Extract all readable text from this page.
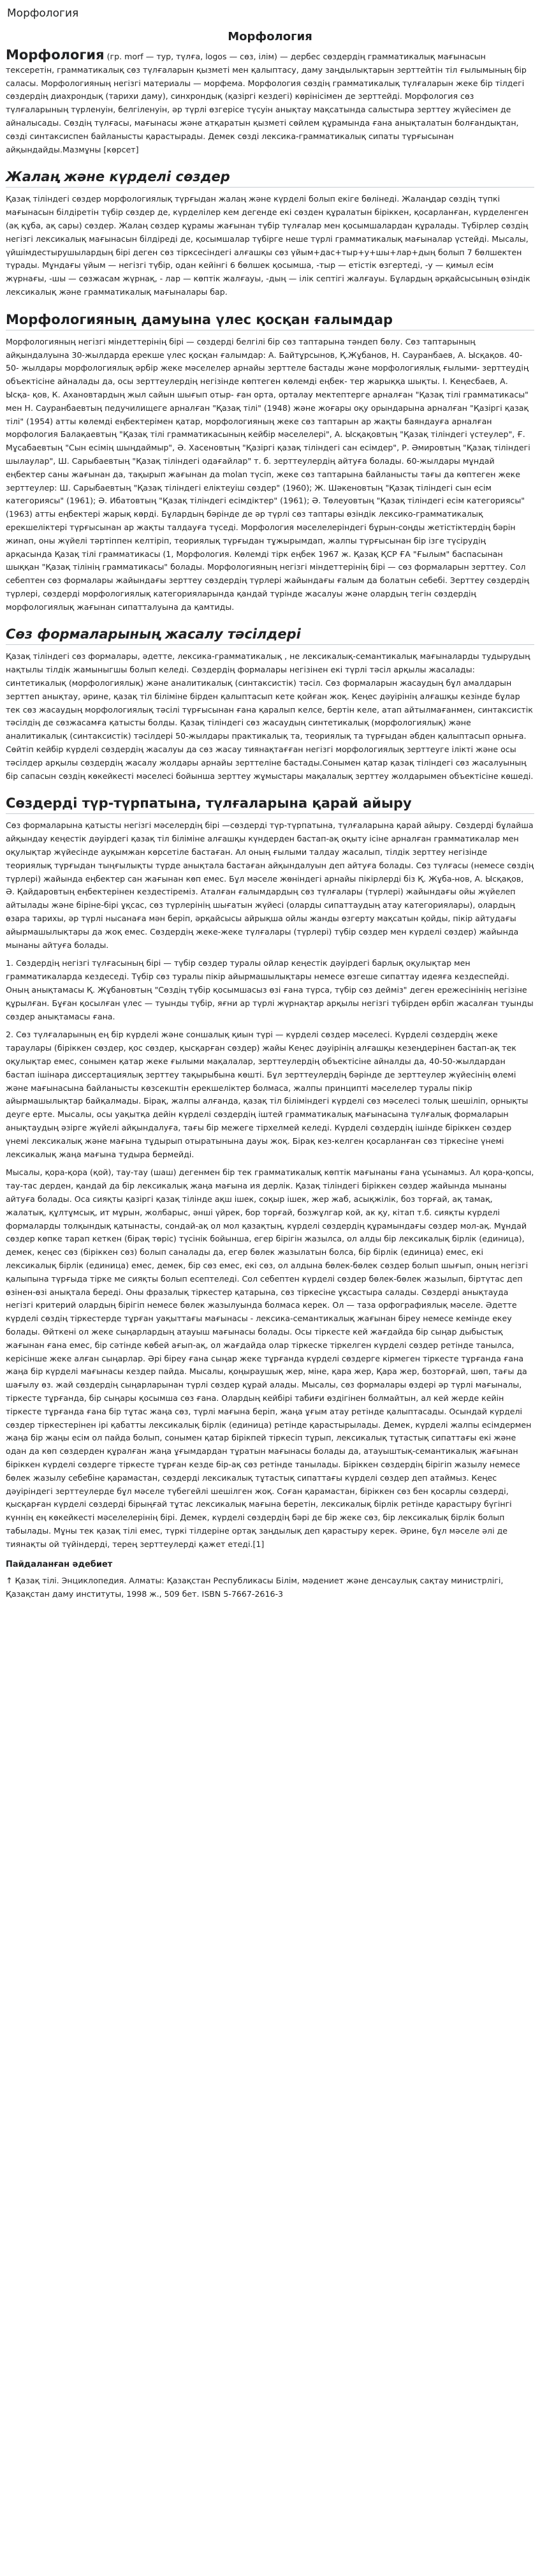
Морфология
Морфология

Морфология (гр. morf — тур, түлға, logos — сөз, ілім) — дербес сөздердің грамматикалық мағынасын тексеретін, грамматикалық сөз түлғаларын қызметі мен қалыптасу, даму заңдылықтарын зерттейтін тіл ғылымының бір саласы. Морфологияның негізгі материалы — морфема. Морфология сөздің грамматикалық түлғаларын жеке бір тілдегі сөздердің диахрондық (тарихи даму), синхрондық (қазіргі кездегі) көрінісімен де зерттейді. Морфология сөз түлғаларының түрленуін, белгіленуін, әр түрлі өзгерісе түсуін анықтау мақсатында салыстыра зерттеу жүйесімен де айналысады. Сөздің түлғасы, мағынасы және атқаратын қызметі сөйлем құрамында ғана анықталатын болғандықтан, сөзді синтаксиспен байланысты қарастырады. Демек сөзді лексика-грамматикалық сипаты түрғысынан айқындайды.Мазмұны [көрсет]

Жалаң және күрделі сөздер

Қазақ тіліндегі сөздер морфологиялық түрғыдан жалаң және күрделі болып екіге бөлінеді. Жалаңдар сөздің түпкі мағынасын білдіретін түбір сөздер де, күрделілер кем дегенде екі сөзден құралатын біріккен, қосарланған, күрделенген (ақ құба, ақ сары) сөздер. Жалаң сөздер құрамы жағынан түбір түлғалар мен қосымшалардан құралады. Түбірлер сөздің негізгі лексикалық мағынасын білдіреді де, қосымшалар түбірге неше түрлі грамматикалық мағыналар үстейді. Мысалы, үйшімдестырушылардың бірі деген сөз тірксесіндегі алғашқы сөз үйым+дас+тыр+у+шы+лар+дың болып 7 бөлшектен түрады. Мұндағы үйым — негізгі түбір, одан кейінгі 6 бөлшек қосымша, -тыр — етістік өзгертеді, -у — қимыл есім жүрнағы, -шы — сөзжасам жүрнақ, - лар — көптік жалғауы, -дың — ілік септігі жалғауы. Бұлардың әрқайсысының өзіндік лексикалық және грамматикалық мағыналары бар.

Морфологияның дамуына үлес қосқан ғалымдар

Морфологияның негізгі міндеттерінің бірі — сөздерді белгілі бір сөз таптарына тәндеп бөлу. Сөз таптарының айқындалуына 30-жылдарда ерекше үлес қосқан ғалымдар: А. Байтұрсынов, Қ.Жұбанов, Н. Сауранбаев, А. Ысқақов. 40-50- жылдары морфологиялық әрбір жеке мәселелер арнайы зерттеле бастады және морфологиялық ғылыми- зерттеудің объектісіне айналады да, осы зерттеулердің негізінде көптеген көлемді еңбек- тер жарыққа шықты. І. Кеңесбаев, А. Ысқа- қов, К. Ахановтардың жыл сайын шығып отыр- ған орта, орталау мектептерге арналған "Қазақ тілі грамматикасы" мен Н. Сауранбаевтың педучилищеге арналған "Қазақ тілі" (1948) және жоғары оқу орындарына арналған "Қазіргі қазақ тілі" (1954) атты көлемді еңбектерімен қатар, морфологияның жеке сөз таптарын ар жақты баяндауға арналған морфология Балақаевтың "Қазақ тілі грамматикасының кейбір мәселелері", А. Ысқақовтың "Қазақ тіліндегі үстеулер", Ғ. Мұсабаевтың "Сын есімің шыңдаймыр", Ә. Хасеновтың "Қазіргі қазақ тіліндегі сан есімдер", Р. Әмировтың "Қазақ тіліндегі шылаулар", Ш. Сарыбаевтың "Қазақ тіліндегі одағайлар" т. б. зерттеулердің айтуға болады. 60-жылдары мұндай еңбектер саны жағынан да, тақырып жағынан да molan түсіп, жеке сөз таптарына байланысты тағы да көптеген жеке зерттеулер: Ш. Сарыбаевтың "Қазақ тіліндегі еліктеуіш сөздер" (1960); Ж. Шәкеновтың "Қазақ тіліндегі сын есім категориясы" (1961); Ә. Ибатовтың "Қазақ тіліндегі есімдіктер" (1961); Ә. Төлеуовтың "Қазақ тіліндегі есім категориясы" (1963) атты еңбектері жарық көрді. Бұлардың бәрінде де әр түрлі сөз таптары өзіндік лексико-грамматикалық ерекшеліктері түрғысынан ар жақты талдауға түседі. Морфология мәселелеріндегі бұрын-соңды жетістіктердің бәрін жинап, оны жүйелі тәртіппен келтіріп, теориялық түрғыдан тұжырымдап, жалпы түрғысынан бір ізге түсірудің арқасында Қазақ тілі грамматикасы (1, Морфология. Көлемді тірк еңбек 1967 ж. Қазақ ҚСР ҒА "Ғылым" баспасынан шыққан "Қазақ тілінің грамматикасы" болады. Морфологияның негізгі міндеттерінің бірі — сөз формаларын зерттеу. Сол себептен сөз формалары жайындағы зерттеу сөздердің түрлері жайындағы ғалым да болатын себебі. Зерттеу сөздердің түрлері, сөздерді морфологиялық категорияларында қандай түрінде жасалуы және олардың тегін сөздердің морфологиялық жағынан сипатталуына да қамтиды.

Сөз формаларының жасалу тәсілдері

Қазақ тіліндегі сөз формалары, әдетте, лексика-грамматикалық , не лексикалық-семантикалық мағыналарды тудырудың нақтылы тілдік жамыныгшы болып келеді. Сөздердің формалары негізінен екі түрлі тәсіл арқылы жасалады: синтетикалық (морфологиялық) және аналитикалық (синтаксистік) тәсіл. Сөз формаларын жасаудың бұл амалдарын зерттеп анықтау, әрине, қазақ тіл біліміне бірден қалыптасып кете қойған жоқ. Кеңес дәуірінің алғашқы кезінде бұлар тек сөз жасаудың морфологиялық тәсілі түрғысынан ғана қаралып келсе, бертін келе, атап айтылмағанмен, синтаксистік тәсілдің де сөзжасамға қатысты болды. Қазақ тіліндегі сөз жасаудың синтетикалық (морфологиялық) және аналитикалық (синтаксистік) тәсілдері 50-жылдары практикалық та, теориялық та түрғыдан әбден қалыптасып орныға. Сөйтіп кейбір күрделі сөздердің жасалуы да сөз жасау тиянақтағған негізгі морфологиялық зерттеуге ілікті және осы тәсілдер арқылы сөздердің жасалу жолдары арнайы зерттеліне бастады.Сонымен қатар қазақ тіліндегі сөз жасалуының бір сапасын сөздің көкейкесті мәселесі бойынша зерттеу жұмыстары мақалалық зерттеу жолдарымен объектісіне көшеді.

Сөздерді түр-түрпатына, түлғаларына қарай айыру

Сөз формаларына қатысты негізгі мәселердің бірі —сөздерді түр-түрпатына, түлғаларына қарай айыру. Сөздерді бұлайша айқындау кеңестік дәуірдегі қазақ тіл біліміне алғашқы күндерден бастап-ақ оқыту ісіне арналған грамматикалар мен оқулықтар жүйесінде ауқымжан көрсетіле бастаған. Ал оның ғылыми талдау жасалып, тілдік зерттеу негізінде теориялық түрғыдан тыңғылықты түрде анықтала бастаған айқындалуын деп айтуға болады. Сөз түлғасы (немесе сөздің түрлері) жайында еңбектер сан жағынан көп емес. Бұл мәселе жөніндегі арнайы пікірлерді біз Қ. Жұба-нов, А. Ысқақов, Ә. Қайдаровтың еңбектерінен кездестіреміз. Аталған ғалымдардың сөз түлғалары (түрлері) жайындағы ойы жүйелеп айтылады және біріне-бірі ұқсас, сөз түрлерінің шығатын жүйесі (оларды сипаттаудың атау категориялары), олардың өзара тарихы, әр түрлі нысанаға мән беріп, әрқайсысы айрықша ойлы жанды өзгерту мақсатын қойды, пікір айтудағы айырмашылықтары да жоқ емес. Сөздердің жеке-жеке түлғалары (түрлері) түбір сөздер мен күрделі сөздер) жайында мынаны айтуға болады.

1. Сөздердің негізгі түлғасының бірі — түбір сөздер туралы ойлар кеңестік дәуірдегі барлық оқулықтар мен грамматикаларда кездеседі. Түбір сөз туралы пікір айырмашылықтары немесе өзгеше сипаттау идеяға кездеспейді. Оның анықтамасы Қ. Жұбановтың "Сөздің түбір қосымшасыз өзі ғана түрса, түбір сөз дейміз" деген ережесінінің негізіне құрылған. Бұған қосылған үлес — туынды түбір, яғни ар түрлі жүрнақтар арқылы негізгі түбірден өрбіп жасалған туынды сөздер анықтамасы ғана.
2. Сөз түлғаларының ең бір күрделі және соншалық қиын түрі — күрделі сөздер мәселесі. Күрделі сөздердің жеке тараулары (біріккен сөздер, қос сөздер, қысқарған сөздер) жайы Кеңес дәуірінің алғашқы кезеңдерінен бастап-ақ тек оқулықтар емес, сонымен қатар жеке ғылыми мақалалар, зерттеулердің объектісіне айналды да, 40-50-жылдардан бастап ішінара диссертациялық зерттеу тақырыбына көшті. Бұл зерттеулердің бәрінде де зерттеулер жүйесінің өлемі және мағынасына байланысты көзсекштін ерекшеліктер болмаса, жалпы принципті мәселелер туралы пікір айырмашылықтар байқалмады. Бірақ, жалпы алғанда, қазақ тіл біліміндегі күрделі сөз мәселесі толық шешіліп, орнықты деуге ерте. Мысалы, осы уақытқа дейін күрделі сөздердің іштей грамматикалық мағынасына түлғалық формаларын анықтаудың әзірге жүйелі айқындалуға, тағы бір межеге тірхелмей келеді. Күрделі сөздердің ішінде біріккен сөздер үнемі лексикалық және мағына тұдырып отыратынына дауы жоқ. Бірақ кез-келген қосарланған сөз тіркесіне үнемі лексикалық жаңа мағына тудыра бермейді.
Мысалы, қора-қора (қой), тау-тау (шаш) дегенмен бір тек грамматикалық көптік мағынаны ғана үсынамыз. Ал қора-қопсы, тау-тас дерден, қандай да бір лексикалық жаңа мағына ия дерлік. Қазақ тіліндегі біріккен сөздер жайында мынаны айтуға болады. Оса сияқты қазіргі қазақ тілінде ақш ішек, соқыр ішек, жер жаб, асықжілік, боз торғай, ақ тамақ, жалатық, құлтұмсық, ит мұрын, жолбарыс, әнші үйрек, бор торғай, бозжұлгар кой, ак қу, кітап т.б. сияқты күрделі формаларды толқындық қатынасты, сондай-ақ ол мол қазақтың, күрделі сөздердің құрамындағы сөздер мол-ақ. Мұндай сөздер көпке тарап кеткен (бірақ төріс) түсінік бойынша, егер бірігін жазылса, ол алды бір лексикалық бірлік (единица), демек, кеңес сөз (біріккен сөз) болып саналады да, егер бөлек жазылатын болса, бір бірлік (единица) емес, екі лексикалық бірлік (единица) емес, демек, бір сөз емес, екі сөз, ол алдына бөлек-бөлек сөздер болып шығып, оның негізгі қалыпына түрғыда тірке ме сияқты болып есептеледі. Сол себептен күрделі сөздер бөлек-бөлек жазылып, біртүтас деп өзінен-өзі анықтала береді. Оны фразалық тіркестер қатарына, сөз тіркесіне ұқсастыра салады. Сөздерді анықтауда негізгі критерий олардың бірігіп немесе бөлек жазылуында болмаса керек. Ол — таза орфографиялық мәселе. Әдетте күрделі сөздің тіркестерде тұрған уақыттағы мағынасы - лексика-семантикалық жағынан біреу немесе кемінде екеу болады. Өйткені ол жеке сыңарлардың атауыш мағынасы болады. Осы тіркесте кей жағдайда бір сыңар дыбыстық жағынан ғана емес, бір сәтінде көбей ағып-ақ, ол жағдайда олар тіркеске тіркелген күрделі сөздер ретінде танылса, керісінше жеке алған сыңарлар. Әрі біреу ғана сыңар жеке тұрғанда күрделі сөздерге кірмеген тіркесте тұрғанда ғана жаңа бір күрделі мағынасы кездер пайда. Мысалы, қоңыраушық жер, міне, қара жер, Қара жер, бозторғай, шөп, тағы да шағылу өз. жай сөздердің сыңарларынан түрлі сөздер құрай алады. Мысалы, сөз формалары өздері әр түрлі мағыналы, тіркесте тұрғанда, бір сыңары қосымша сөз ғана. Олардың кейбірі табиғи өздігінен болмайтын, ал кей жерде кейін тіркесте тұрғанда ғана бір тұтас жаңа сөз, түрлі мағына беріп, жаңа ұғым атау ретінде қалыптасады. Осындай күрделі сөздер тіркестерінен ірі қабатты лексикалық бірлік (единица) ретінде қарастырылады. Демек, күрделі жалпы есімдермен жаңа бір жаңы есім ол пайда болып, сонымен қатар бірікпей тіркесіп тұрып, лексикалық тұтастық сипаттағы екі және одан да көп сөздерден құралған жаңа ұғымдардан тұратын мағынасы болады да, атауыштық-семантикалық жағынан біріккен күрделі сөздерге тіркесте тұрған кезде бір-ақ сөз ретінде танылады. Біріккен сөздердің бірігіп жазылу немесе бөлек жазылу себебіне қарамастан, сөздерді лексикалық тұтастық сипаттағы күрделі сөздер деп атаймыз. Кеңес дәуіріндегі зерттеулерде бұл мәселе түбегейлі шешілген жоқ. Соған қарамастан, біріккен сөз бен қосарлы сөздерді, қысқарған күрделі сөздерді бірыңғай тұтас лексикалық мағына беретін, лексикалық бірлік ретінде қарастыру бүгінгі күннің ең көкейкесті мәселелерінің бірі. Демек, күрделі сөздердің бәрі де бір жеке сөз, бір лексикалық бірлік болып табылады. Мұны тек қазақ тілі емес, түркі тілдеріне ортақ заңдылық деп қарастыру керек. Әрине, бұл мәселе әлі де тиянақты ой түйіндерді, терең зерттеулерді қажет етеді.[1]
Пайдаланған әдебиет
↑ Қазақ тілі. Энциклопедия. Алматы: Қазақстан Республикасы Білім, мәдениет және денсаулық сақтау министрлігі, Қазақстан даму институты, 1998 ж., 509 бет. ISBN 5-7667-2616-3
